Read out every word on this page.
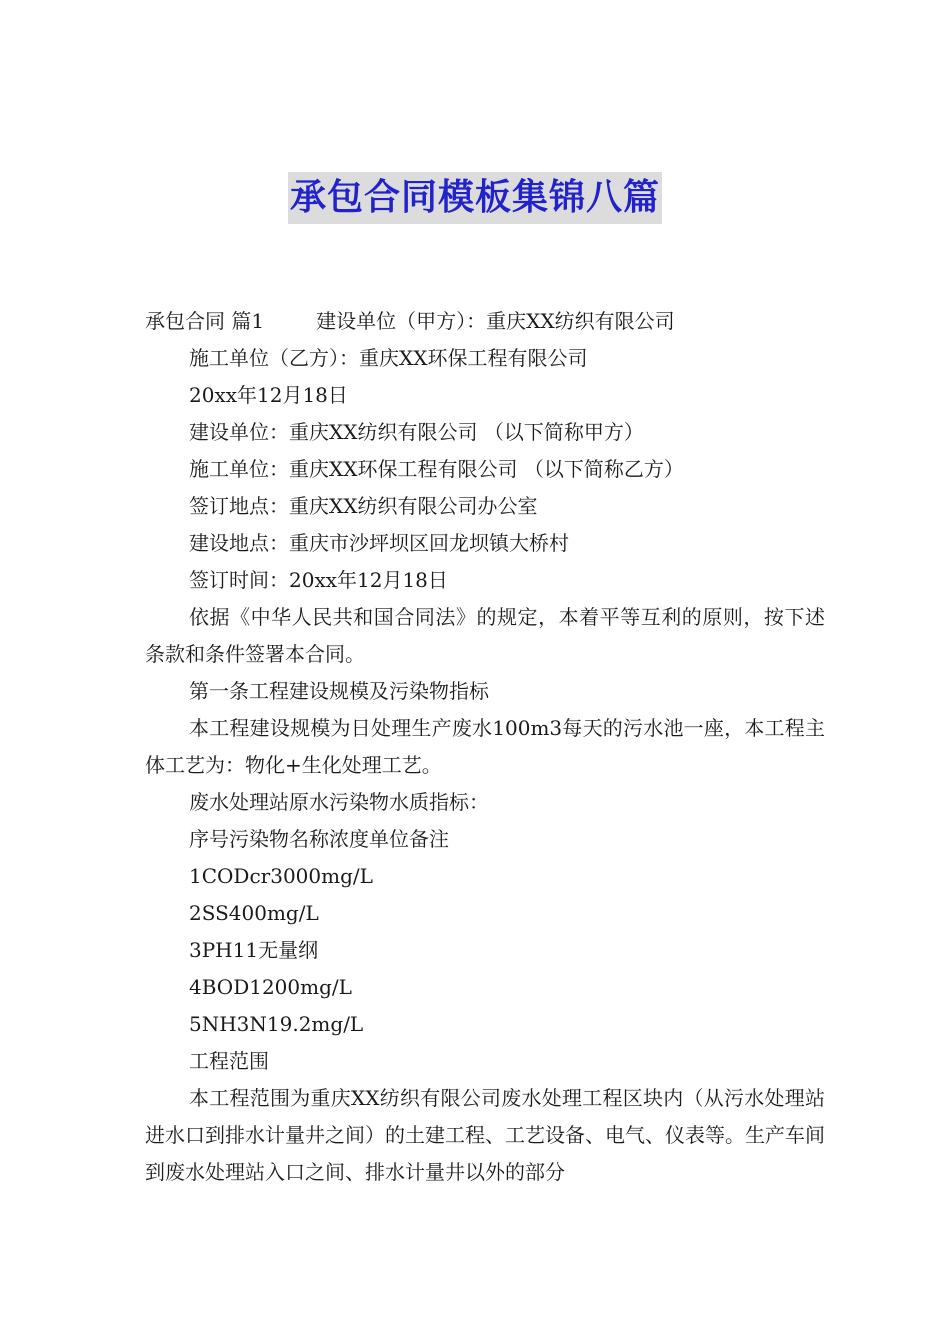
承包合同模板集锦八篇
承包合同 篇1	建设单位（甲方）：重庆XX纺织有限公司
施工单位（乙方）：重庆XX环保工程有限公司
20xx年12月18日
建设单位：重庆XX纺织有限公司 （以下简称甲方）
施工单位：重庆XX环保工程有限公司 （以下简称乙方）
签订地点：重庆XX纺织有限公司办公室
建设地点：重庆市沙坪坝区回龙坝镇大桥村
签订时间：20xx年12月18日
依据《中华人民共和国合同法》的规定，本着平等互利的原则，按下述条款和条件签署本合同。
第一条工程建设规模及污染物指标
本工程建设规模为日处理生产废水100m3每天的污水池一座，本工程主体工艺为：物化+生化处理工艺。
废水处理站原水污染物水质指标：
序号污染物名称浓度单位备注
1CODcr3000mg/L
2SS400mg/L
3PH11无量纲
4BOD1200mg/L
5NH3N19.2mg/L
工程范围
本工程范围为重庆XX纺织有限公司废水处理工程区块内（从污水处理站进水口到排水计量井之间）的土建工程、工艺设备、电气、仪表等。生产车间到废水处理站入口之间、排水计量井以外的部分
